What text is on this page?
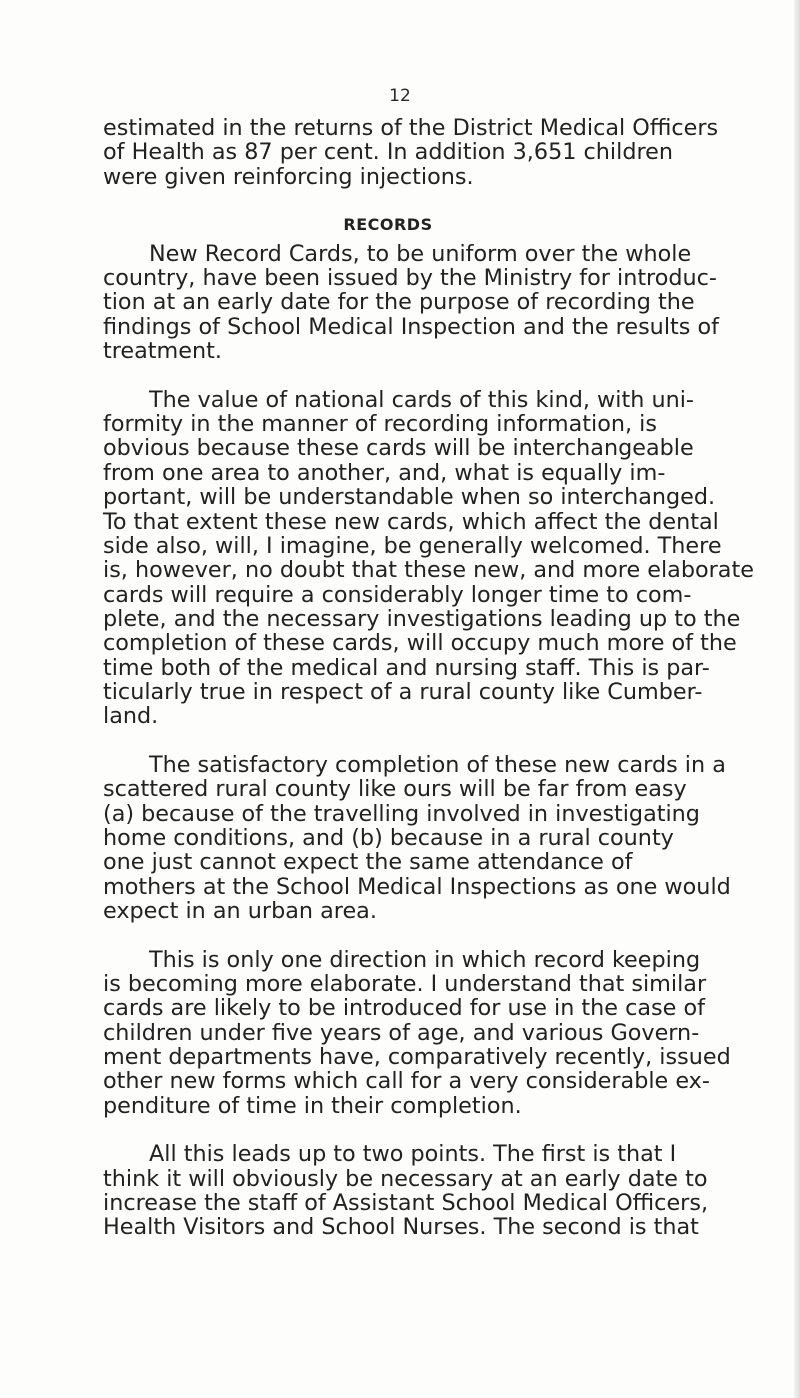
12
estimated in the returns of the District Medical Officers
of Health as 87 per cent. In addition 3,651 children
were given reinforcing injections.
RECORDS
New Record Cards, to be uniform over the whole
country, have been issued by the Ministry for introduc-
tion at an early date for the purpose of recording the
findings of School Medical Inspection and the results of
treatment.
The value of national cards of this kind, with uni-
formity in the manner of recording information, is
obvious because these cards will be interchangeable
from one area to another, and, what is equally im-
portant, will be understandable when so interchanged.
To that extent these new cards, which affect the dental
side also, will, I imagine, be generally welcomed. There
is, however, no doubt that these new, and more elaborate
cards will require a considerably longer time to com-
plete, and the necessary investigations leading up to the
completion of these cards, will occupy much more of the
time both of the medical and nursing staff. This is par-
ticularly true in respect of a rural county like Cumber-
land.
The satisfactory completion of these new cards in a
scattered rural county like ours will be far from easy
(a) because of the travelling involved in investigating
home conditions, and (b) because in a rural county
one just cannot expect the same attendance of
mothers at the School Medical Inspections as one would
expect in an urban area.
This is only one direction in which record keeping
is becoming more elaborate. I understand that similar
cards are likely to be introduced for use in the case of
children under five years of age, and various Govern-
ment departments have, comparatively recently, issued
other new forms which call for a very considerable ex-
penditure of time in their completion.
All this leads up to two points. The first is that I
think it will obviously be necessary at an early date to
increase the staff of Assistant School Medical Officers,
Health Visitors and School Nurses. The second is that
